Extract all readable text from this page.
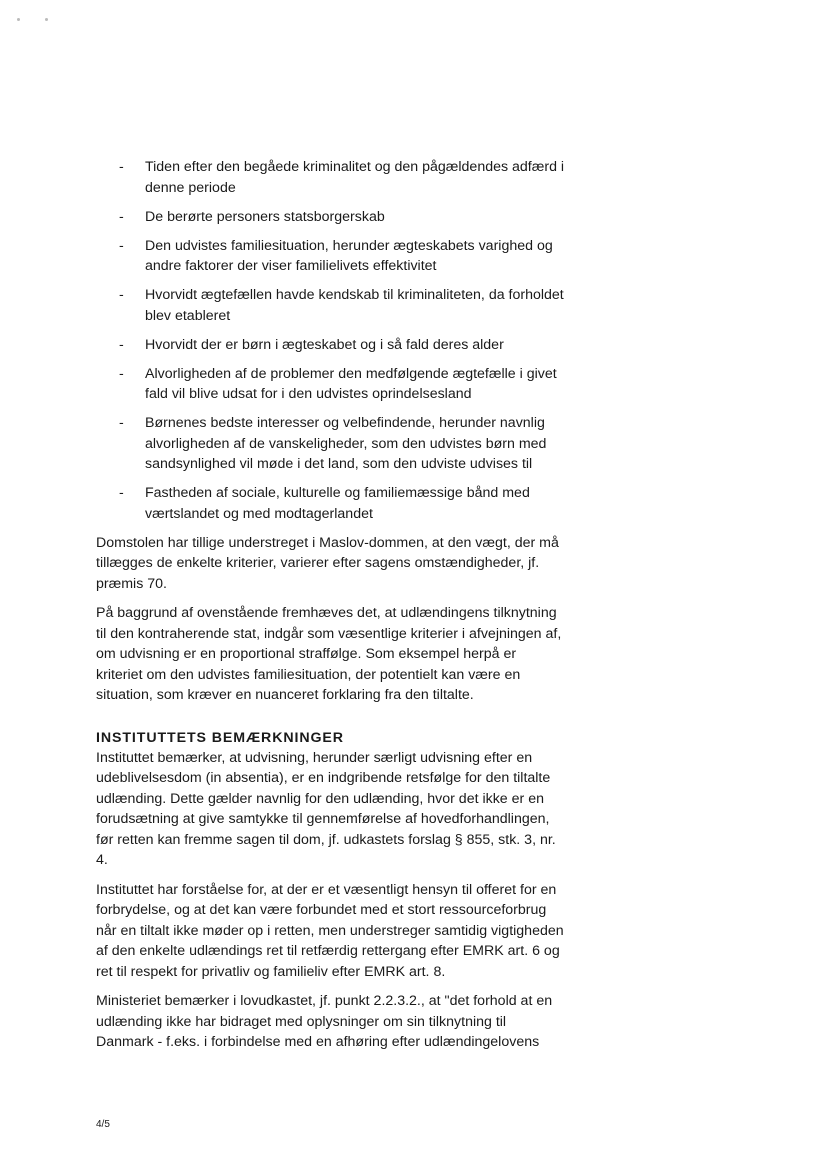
- Tiden efter den begåede kriminalitet og den pågældendes adfærd i denne periode
- De berørte personers statsborgerskab
- Den udvistes familiesituation, herunder ægteskabets varighed og andre faktorer der viser familielivets effektivitet
- Hvorvidt ægtefællen havde kendskab til kriminaliteten, da forholdet blev etableret
- Hvorvidt der er børn i ægteskabet og i så fald deres alder
- Alvorligheden af de problemer den medfølgende ægtefælle i givet fald vil blive udsat for i den udvistes oprindelsesland
- Børnenes bedste interesser og velbefindende, herunder navnlig alvorligheden af de vanskeligheder, som den udvistes børn med sandsynlighed vil møde i det land, som den udviste udvises til
- Fastheden af sociale, kulturelle og familiemæssige bånd med værtslandet og med modtagerlandet

Domstolen har tillige understreget i Maslov-dommen, at den vægt, der må tillægges de enkelte kriterier, varierer efter sagens omstændigheder, jf. præmis 70.

På baggrund af ovenstående fremhæves det, at udlændingens tilknytning til den kontraherende stat, indgår som væsentlige kriterier i afvejningen af, om udvisning er en proportional straffølge. Som eksempel herpå er kriteriet om den udvistes familiesituation, der potentielt kan være en situation, som kræver en nuanceret forklaring fra den tiltalte.

INSTITUTTETS BEMÆRKNINGER

Instituttet bemærker, at udvisning, herunder særligt udvisning efter en udeblivelsesdom (in absentia), er en indgribende retsfølge for den tiltalte udlænding. Dette gælder navnlig for den udlænding, hvor det ikke er en forudsætning at give samtykke til gennemførelse af hovedforhandlingen, før retten kan fremme sagen til dom, jf. udkastets forslag § 855, stk. 3, nr. 4.

Instituttet har forståelse for, at der er et væsentligt hensyn til offeret for en forbrydelse, og at det kan være forbundet med et stort ressourceforbrug når en tiltalt ikke møder op i retten, men understreger samtidig vigtigheden af den enkelte udlændings ret til retfærdig rettergang efter EMRK art. 6 og ret til respekt for privatliv og familieliv efter EMRK art. 8.

Ministeriet bemærker i lovudkastet, jf. punkt 2.2.3.2., at "det forhold at en udlænding ikke har bidraget med oplysninger om sin tilknytning til Danmark - f.eks. i forbindelse med en afhøring efter udlændingelovens

4/5
